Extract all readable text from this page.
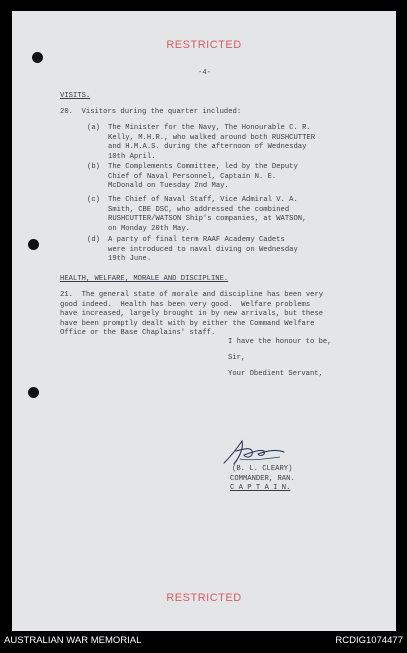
RESTRICTED
-4-
VISITS.
20.  Visitors during the quarter included:
(a) The Minister for the Navy, The Honourable C. R.
Kelly, M.H.R., who walked around both RUSHCUTTER
and H.M.A.S. during the afternoon of Wednesday
10th April.
(b) The Complements Committee, led by the Deputy
Chief of Naval Personnel, Captain N. E.
McDonald on Tuesday 2nd May.
(c) The Chief of Naval Staff, Vice Admiral V. A.
Smith, CBE DSC, who addressed the combined
RUSHCUTTER/WATSON Ship's companies, at WATSON,
on Monday 20th May.
(d) A party of final term RAAF Academy Cadets
were introduced to naval diving on Wednesday
19th June.
HEALTH, WELFARE, MORALE AND DISCIPLINE.
21.  The general state of morale and discipline has been very
good indeed.  Health has been very good.  Welfare problems
have increased, largely brought in by new arrivals, but these
have been promptly dealt with by either the Command Welfare
Office or the Base Chaplains' staff.
I have the honour to be,
Sir,
Your Obedient Servant,
(B. L. CLEARY)
COMMANDER, RAN.
C A P T A I N.
RESTRICTED
AUSTRALIAN WAR MEMORIAL	RCDIG1074477
